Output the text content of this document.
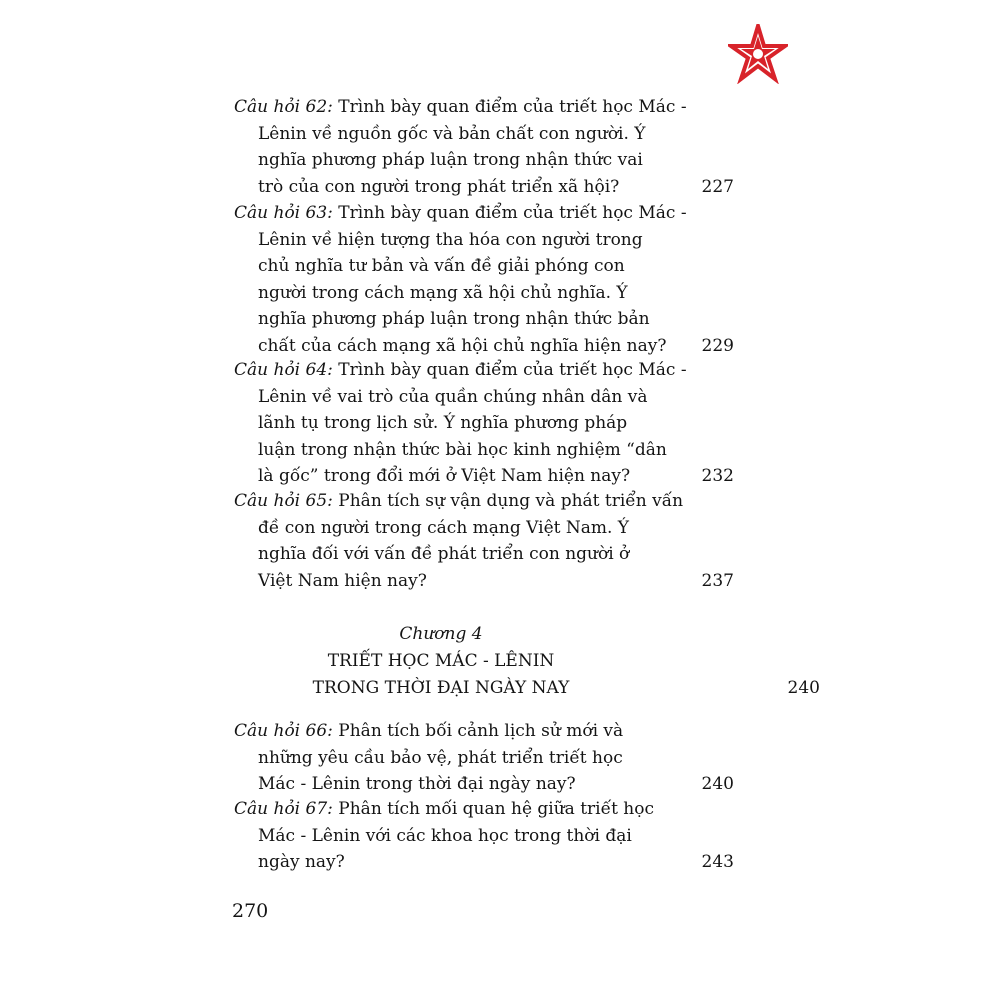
Câu hỏi 62: Trình bày quan điểm của triết học Mác -
Lênin về nguồn gốc và bản chất con người. Ý
nghĩa phương pháp luận trong nhận thức vai
trò của con người trong phát triển xã hội?	227
Câu hỏi 63: Trình bày quan điểm của triết học Mác -
Lênin về hiện tượng tha hóa con người trong
chủ nghĩa tư bản và vấn đề giải phóng con
người trong cách mạng xã hội chủ nghĩa. Ý
nghĩa phương pháp luận trong nhận thức bản
chất của cách mạng xã hội chủ nghĩa hiện nay? 229
Câu hỏi 64: Trình bày quan điểm của triết học Mác -
Lênin về vai trò của quần chúng nhân dân và
lãnh tụ trong lịch sử. Ý nghĩa phương pháp
luận trong nhận thức bài học kinh nghiệm “dân
là gốc” trong đổi mới ở Việt Nam hiện nay?	232
Câu hỏi 65: Phân tích sự vận dụng và phát triển vấn
đề con người trong cách mạng Việt Nam. Ý
nghĩa đối với vấn đề phát triển con người ở
Việt Nam hiện nay?	237
Chương 4
TRIẾT HỌC MÁC - LÊNIN
TRONG THỜI ĐẠI NGÀY NAY	240
Câu hỏi 66: Phân tích bối cảnh lịch sử mới và
những yêu cầu bảo vệ, phát triển triết học
Mác - Lênin trong thời đại ngày nay?	240
Câu hỏi 67: Phân tích mối quan hệ giữa triết học
Mác - Lênin với các khoa học trong thời đại
ngày nay?	243
270
